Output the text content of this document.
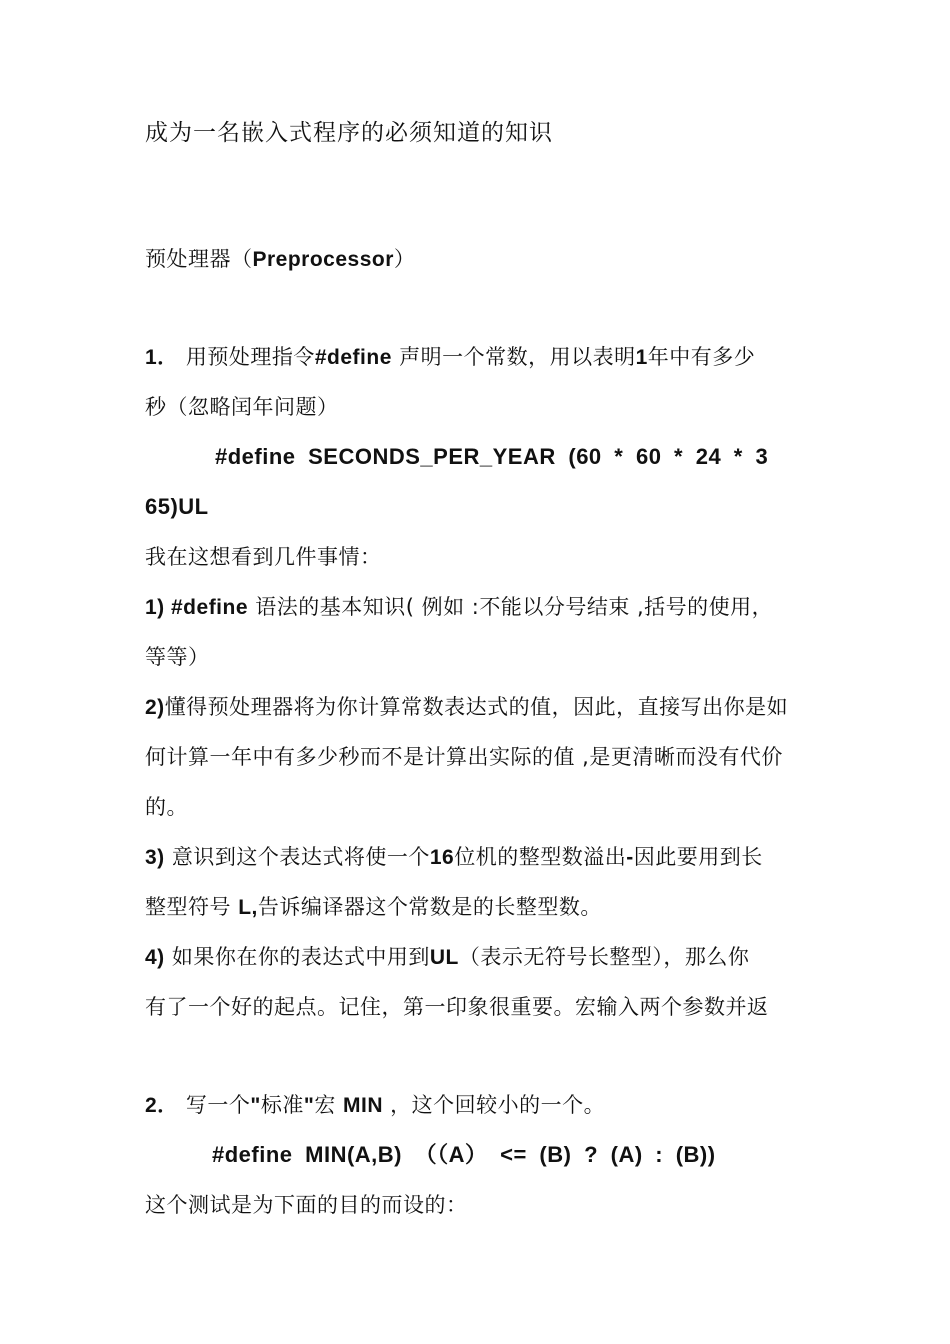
成为一名嵌入式程序的必须知道的知识
预处理器（Preprocessor）
1． 用预处理指令#define 声明一个常数，用以表明1年中有多少
秒（忽略闰年问题）
#define SECONDS_PER_YEAR (60 * 60 * 24 * 3
65)UL
我在这想看到几件事情：
1) #define 语法的基本知识( 例如 :不能以分号结束 ,括号的使用，
等等）
2)懂得预处理器将为你计算常数表达式的值，因此，直接写出你是如
何计算一年中有多少秒而不是计算出实际的值 ,是更清晰而没有代价
的。
3) 意识到这个表达式将使一个16位机的整型数溢出-因此要用到长
整型符号 L,告诉编译器这个常数是的长整型数。
4) 如果你在你的表达式中用到UL（表示无符号长整型），那么你
有了一个好的起点。记住，第一印象很重要。宏输入两个参数并返
2． 写一个"标准"宏 MIN ，这个回较小的一个。
#define MIN(A,B) （（A） <= (B) ? (A) : (B))
这个测试是为下面的目的而设的：
